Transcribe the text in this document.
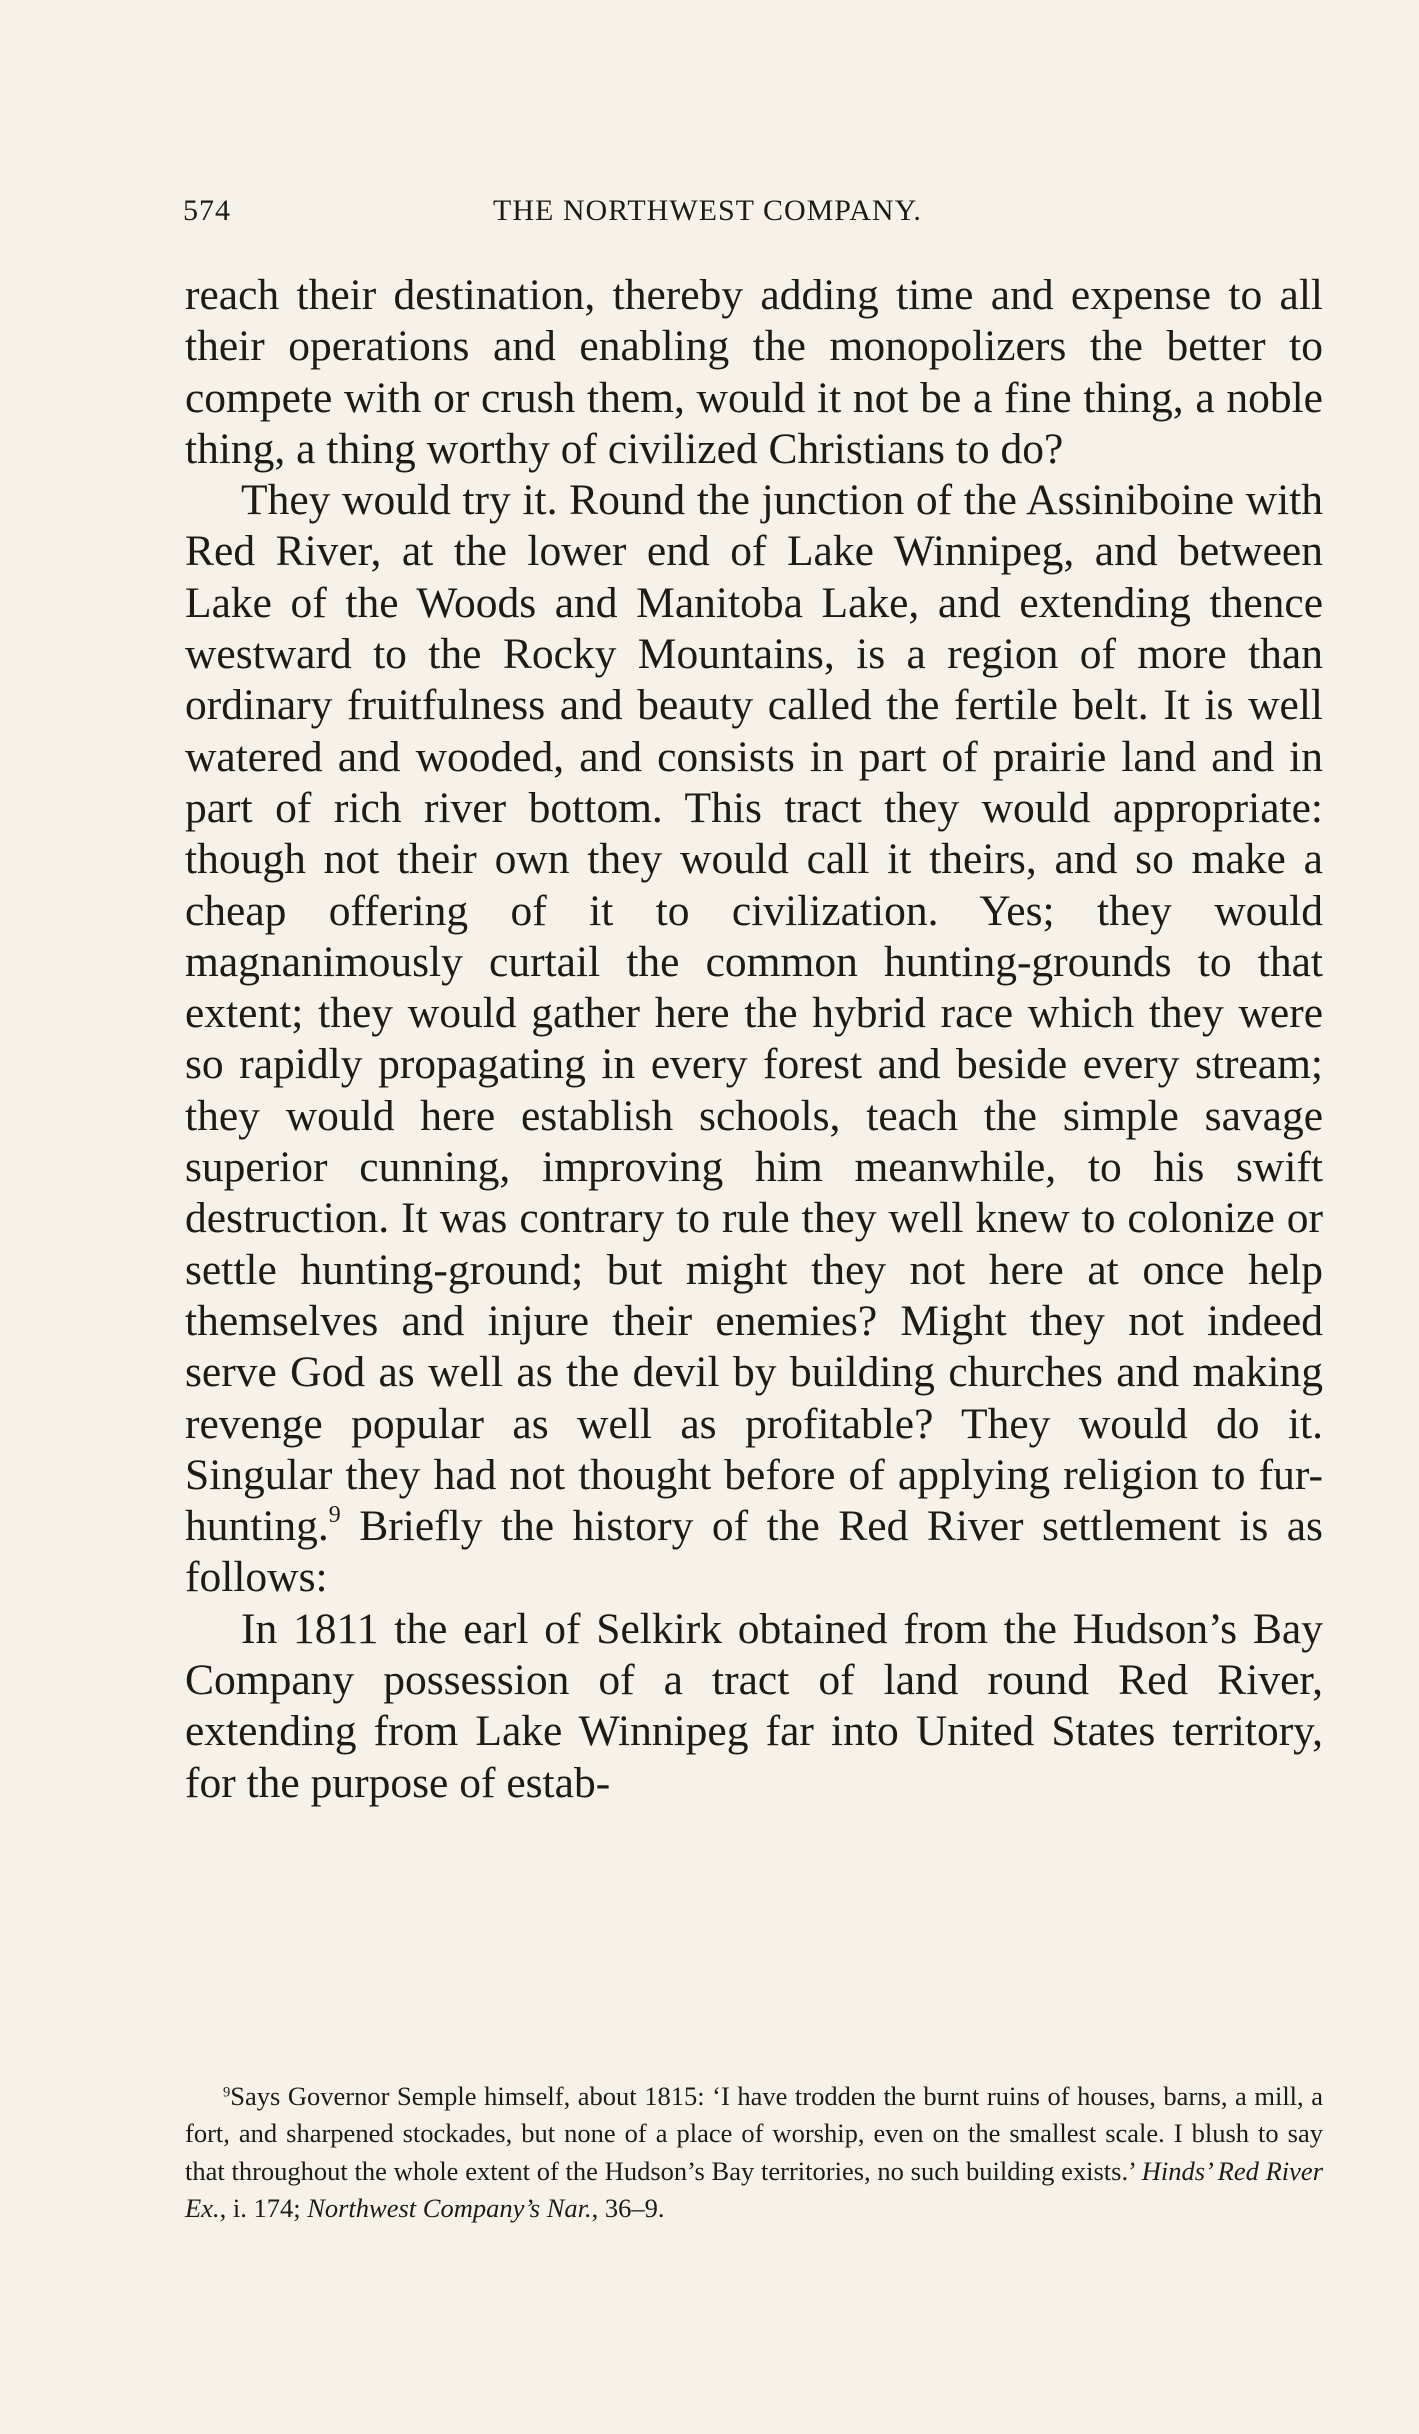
574	THE NORTHWEST COMPANY.

reach their destination, thereby adding time and expense to all their operations and enabling the monopolizers the better to compete with or crush them, would it not be a fine thing, a noble thing, a thing worthy of civilized Christians to do?

They would try it. Round the junction of the Assiniboine with Red River, at the lower end of Lake Winnipeg, and between Lake of the Woods and Manitoba Lake, and extending thence westward to the Rocky Mountains, is a region of more than ordinary fruitfulness and beauty called the fertile belt. It is well watered and wooded, and consists in part of prairie land and in part of rich river bottom. This tract they would appropriate: though not their own they would call it theirs, and so make a cheap offering of it to civilization. Yes; they would magnanimously curtail the common hunting-grounds to that extent; they would gather here the hybrid race which they were so rapidly propagating in every forest and beside every stream; they would here establish schools, teach the simple savage superior cunning, improving him meanwhile, to his swift destruction. It was contrary to rule they well knew to colonize or settle hunting-ground; but might they not here at once help themselves and injure their enemies? Might they not indeed serve God as well as the devil by building churches and making revenge popular as well as profitable? They would do it. Singular they had not thought before of applying religion to fur-hunting.$^9$ Briefly the history of the Red River settlement is as follows:

In 1811 the earl of Selkirk obtained from the Hudson’s Bay Company possession of a tract of land round Red River, extending from Lake Winnipeg far into United States territory, for the purpose of estab-

$^9$Says Governor Semple himself, about 1815: ‘I have trodden the burnt ruins of houses, barns, a mill, a fort, and sharpened stockades, but none of a place of worship, even on the smallest scale. I blush to say that throughout the whole extent of the Hudson’s Bay territories, no such building exists.’ Hinds’ Red River Ex., i. 174; Northwest Company’s Nar., 36–9.
